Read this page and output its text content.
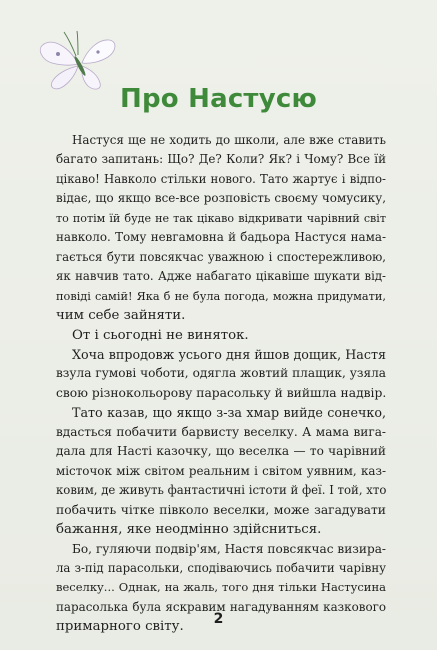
Про Настусю
Настуся ще не ходить до школи, але вже ставить
багато запитань: Що? Де? Коли? Як? і Чому? Все їй
цікаво! Навколо стільки нового. Тато жартує і відпо-
відає, що якщо все-все розповість своєму чомусику,
то потім їй буде не так цікаво відкривати чарівний світ
навколо. Тому невгамовна й бадьора Настуся нама-
гається бути повсякчас уважною і спостережливою,
як навчив тато. Адже набагато цікавіше шукати від-
повіді самій! Яка б не була погода, можна придумати,
чим себе зайняти.
От і сьогодні не виняток.
Хоча впродовж усього дня йшов дощик, Настя
взула гумові чоботи, одягла жовтий плащик, узяла
свою різнокольорову парасольку й вийшла надвір.
Тато казав, що якщо з-за хмар вийде сонечко,
вдасться побачити барвисту веселку. А мама вига-
дала для Насті казочку, що веселка — то чарівний
місточок між світом реальним і світом уявним, каз-
ковим, де живуть фантастичні істоти й феї. І той, хто
побачить чітке півколо веселки, може загадувати
бажання, яке неодмінно здійсниться.
Бо, гуляючи подвір'ям, Настя повсякчас визира-
ла з-під парасольки, сподіваючись побачити чарівну
веселку... Однак, на жаль, того дня тільки Настусина
парасолька була яскравим нагадуванням казкового
примарного світу.	2
